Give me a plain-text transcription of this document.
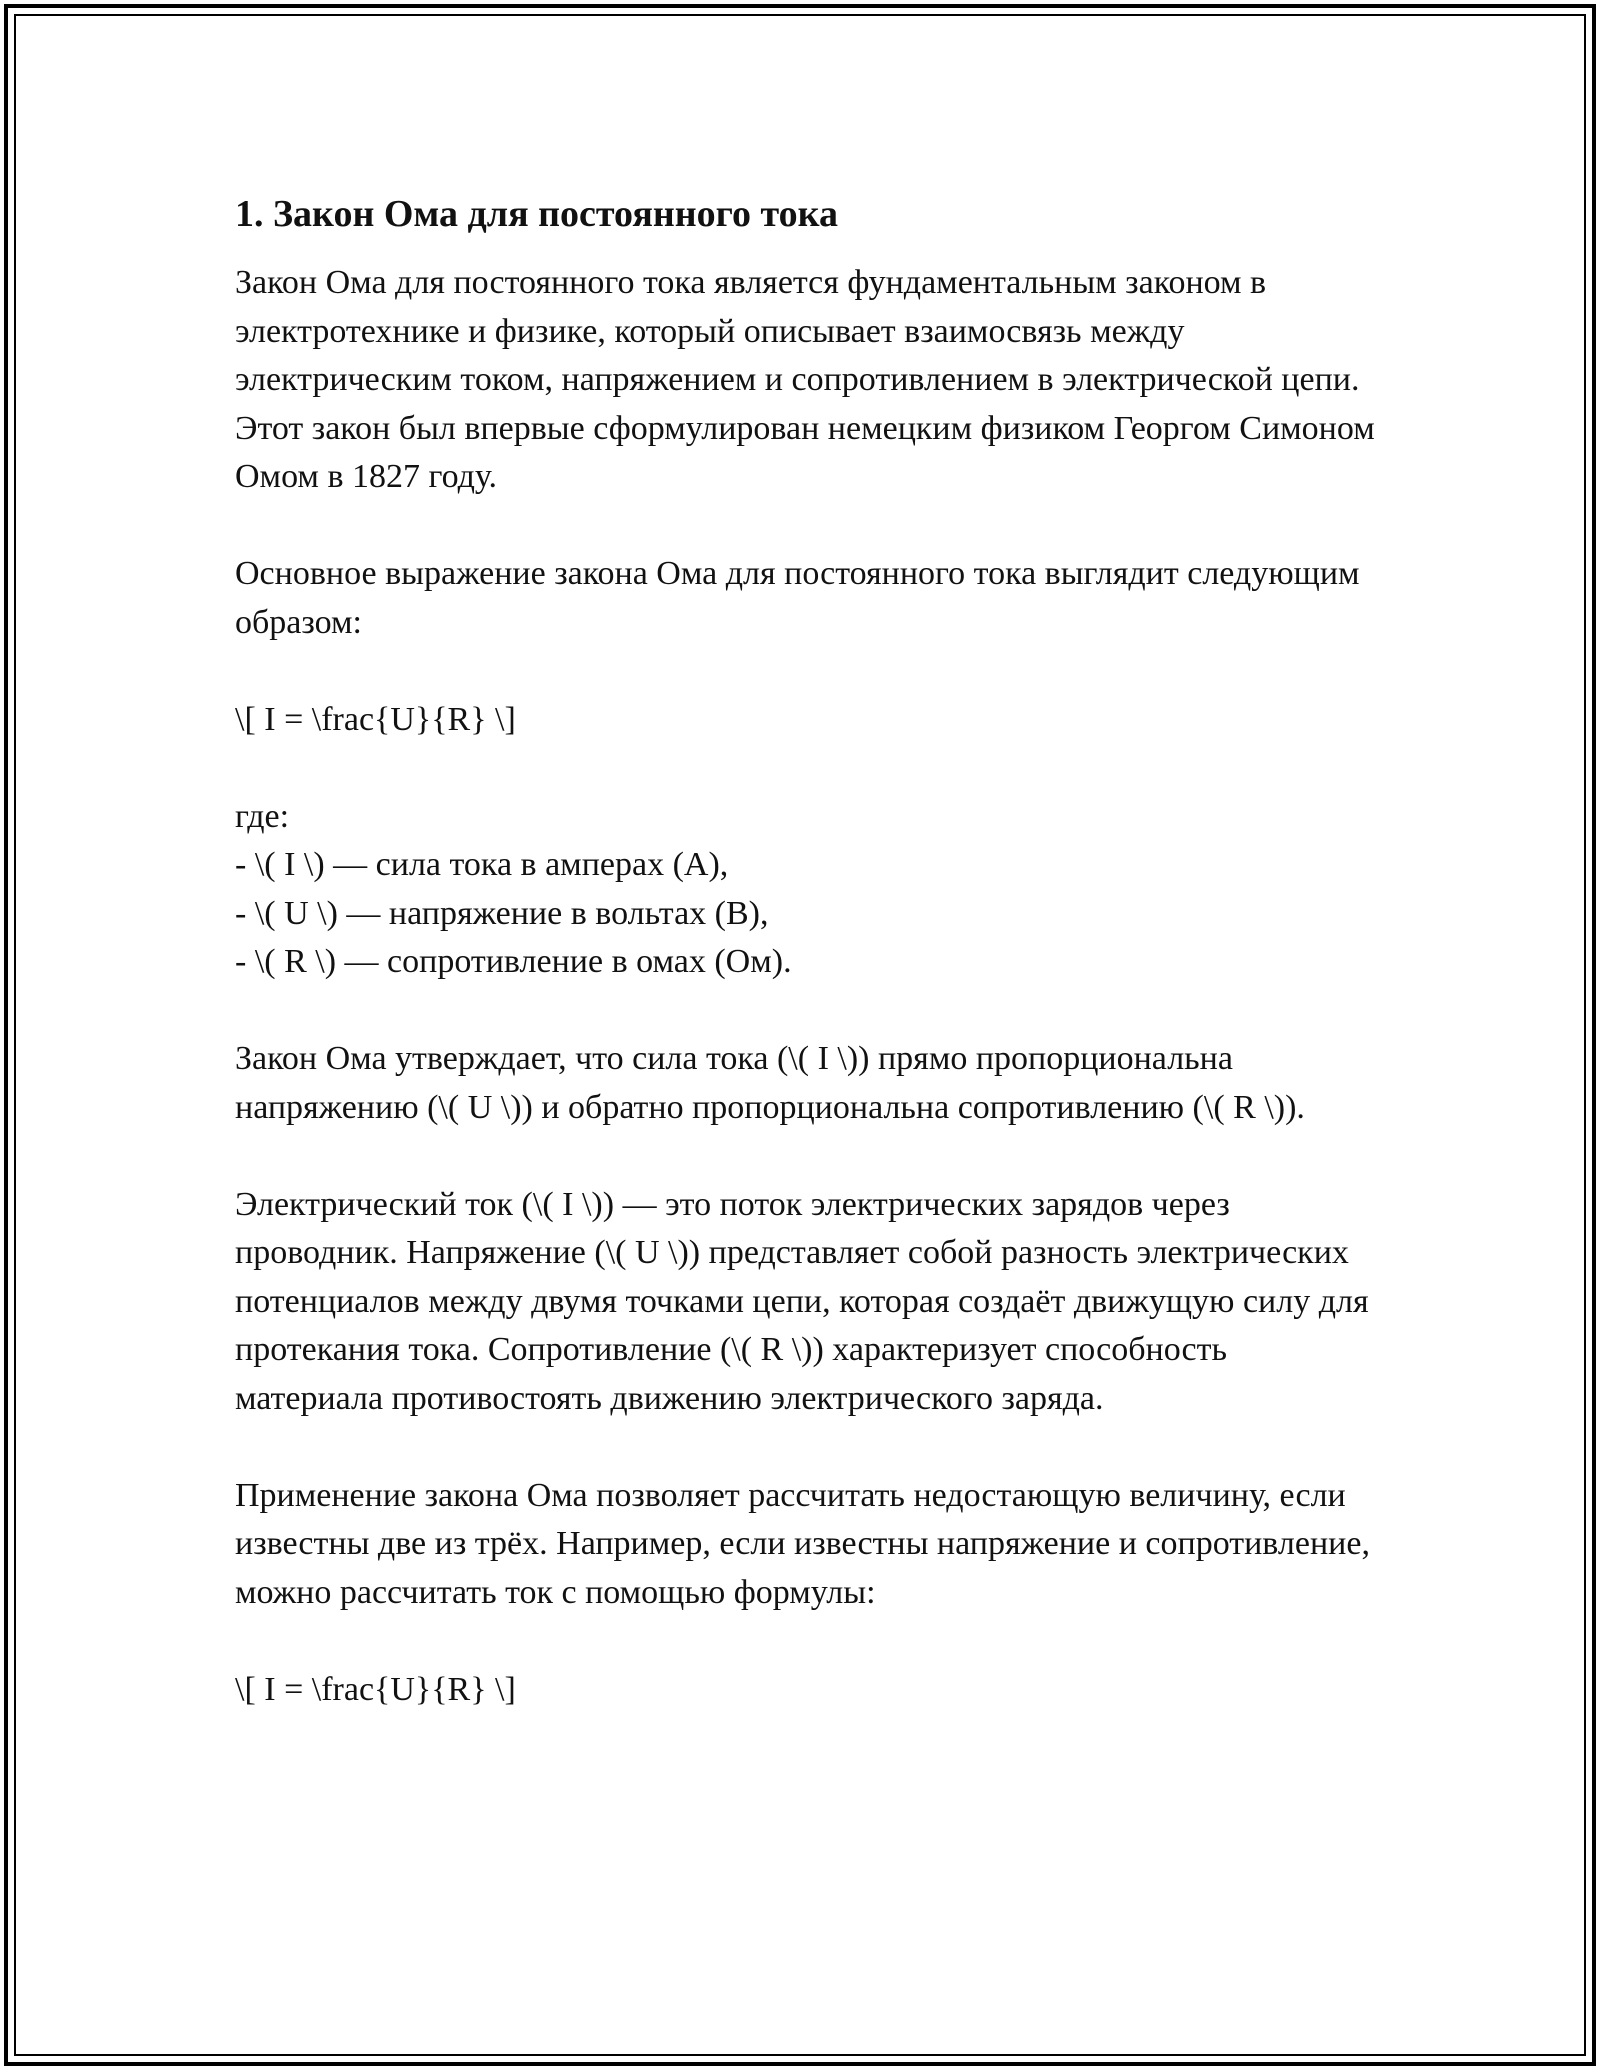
1. Закон Ома для постоянного тока
Закон Ома для постоянного тока является фундаментальным законом в электротехнике и физике, который описывает взаимосвязь между электрическим током, напряжением и сопротивлением в электрической цепи. Этот закон был впервые сформулирован немецким физиком Георгом Симоном Омом в 1827 году.

Основное выражение закона Ома для постоянного тока выглядит следующим образом:

\[ I = \frac{U}{R} \]

где:
- \( I \) — сила тока в амперах (А),
- \( U \) — напряжение в вольтах (В),
- \( R \) — сопротивление в омах (Ом).

Закон Ома утверждает, что сила тока (\( I \)) прямо пропорциональна напряжению (\( U \)) и обратно пропорциональна сопротивлению (\( R \)).

Электрический ток (\( I \)) — это поток электрических зарядов через проводник. Напряжение (\( U \)) представляет собой разность электрических потенциалов между двумя точками цепи, которая создаёт движущую силу для протекания тока. Сопротивление (\( R \)) характеризует способность материала противостоять движению электрического заряда.

Применение закона Ома позволяет рассчитать недостающую величину, если известны две из трёх. Например, если известны напряжение и сопротивление, можно рассчитать ток с помощью формулы:

\[ I = \frac{U}{R} \]
